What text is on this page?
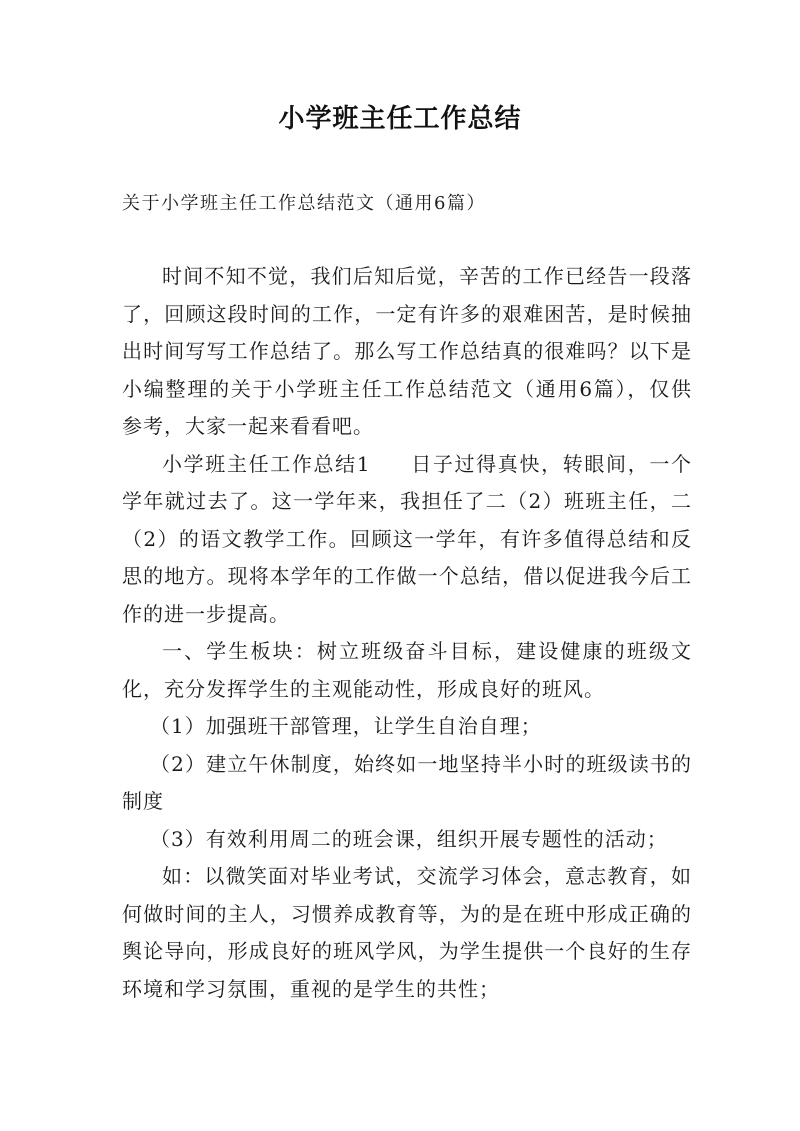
小学班主任工作总结

关于小学班主任工作总结范文（通用6篇）

时间不知不觉，我们后知后觉，辛苦的工作已经告一段落了，回顾这段时间的工作，一定有许多的艰难困苦，是时候抽出时间写写工作总结了。那么写工作总结真的很难吗？以下是小编整理的关于小学班主任工作总结范文（通用6篇），仅供参考，大家一起来看看吧。

小学班主任工作总结1 日子过得真快，转眼间，一个学年就过去了。这一学年来，我担任了二（2）班班主任，二（2）的语文教学工作。回顾这一学年，有许多值得总结和反思的地方。现将本学年的工作做一个总结，借以促进我今后工作的进一步提高。

一、学生板块：树立班级奋斗目标，建设健康的班级文化，充分发挥学生的主观能动性，形成良好的班风。

（1）加强班干部管理，让学生自治自理；

（2）建立午休制度，始终如一地坚持半小时的班级读书的制度

（3）有效利用周二的班会课，组织开展专题性的活动；

如：以微笑面对毕业考试，交流学习体会，意志教育，如何做时间的主人，习惯养成教育等，为的是在班中形成正确的舆论导向，形成良好的班风学风，为学生提供一个良好的生存环境和学习氛围，重视的是学生的共性；
